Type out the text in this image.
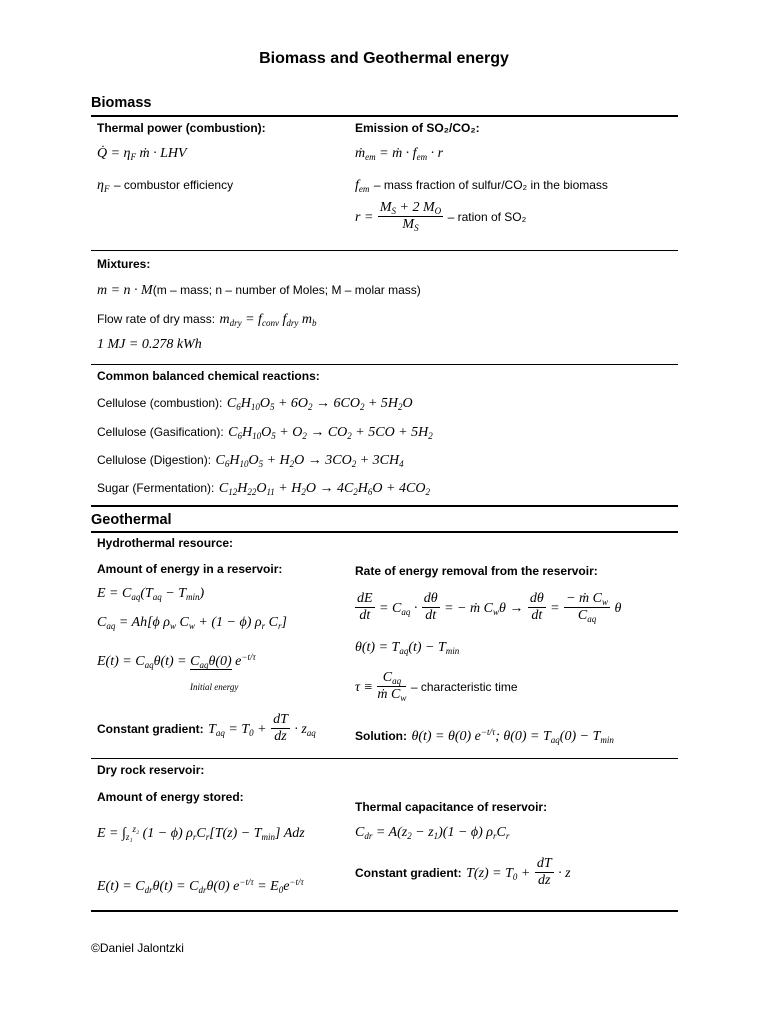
Biomass and Geothermal energy
Biomass
Thermal power (combustion):
Q̇ = $\eta_F$ ṁ · LHV
$\eta_F$ – combustor efficiency
Emission of SO₂/CO₂:
ṁ$_{em}$ = ṁ · $f_{em} \cdot r$
$f_{em}$ – mass fraction of sulfur/CO₂ in the biomass
$r = \frac{M_S + 2 M_O}{M_S}$ – ration of SO₂
Mixtures:
m = n · M(m – mass; n – number of Moles; M – molar mass)
Flow rate of dry mass: $m_{dry} = f_{conv}$ $f_{dry}$ $m_b$
1 MJ = 0.278 kWh
Common balanced chemical reactions:
Cellulose (combustion): $C_6H_{10}O_5 + 6O_2 \to 6CO_2 + 5H_2O$
Cellulose (Gasification): $C_6H_{10}O_5 + O_2 \to CO_2 + 5CO + 5H_2$
Cellulose (Digestion): $C_6H_{10}O_5 + H_2O \to 3CO_2 + 3CH_4$
Sugar (Fermentation): $C_{12}H_{22}O_{11} + H_2O \to 4C_2H_6O + 4CO_2$
Geothermal
Hydrothermal resource:
Amount of energy in a reservoir:
$E = C_{aq}(T_{aq} - T_{min})$
$C_{aq} = Ah[\phi$ $\rho_w$ $C_w + (1 - \phi)$ $\rho_r$ $C_r$]
$E(t) = C_{aq}\theta(t) = C_{aq}\theta(0)$ $e^{-t/\tau}$
Initial energy
Constant gradient: $T_{aq} = T_0 + \frac{dT}{dz} \cdot z_{aq}$
Rate of energy removal from the reservoir:
$\frac{dE}{dt} = C_{aq} \cdot \frac{d\theta}{dt}$ = − ṁ $C_w\theta \to \frac{d\theta}{dt} = \frac{- ṁ C_w}{C_{aq}}$ θ
$\theta(t) = T_{aq}(t) - T_{min}$
$\tau \equiv \frac{C_{aq}}{ṁ C_w}$ – characteristic time
Solution: θ(t) = θ(0) $e^{-t/\tau}$; $\theta(0) = T_{aq}(0) - T_{min}$
Dry rock reservoir:
Amount of energy stored:
$E = \int_{z_1}^{z_2}$ (1 − ϕ) $\rho_rC_r[T(z) - T_{min}]$ Adz
$E(t) = C_{dr}\theta(t) = C_{dr}\theta(0) e^{-t/\tau} = E_0e^{-t/\tau}$
Thermal capacitance of reservoir:
$C_{dr} = A(z_2 - z_1)(1 - \phi)$ $\rho_rC_r$
Constant gradient: $T(z) = T_0 + \frac{dT}{dz} \cdot z$
©Daniel Jalontzki
